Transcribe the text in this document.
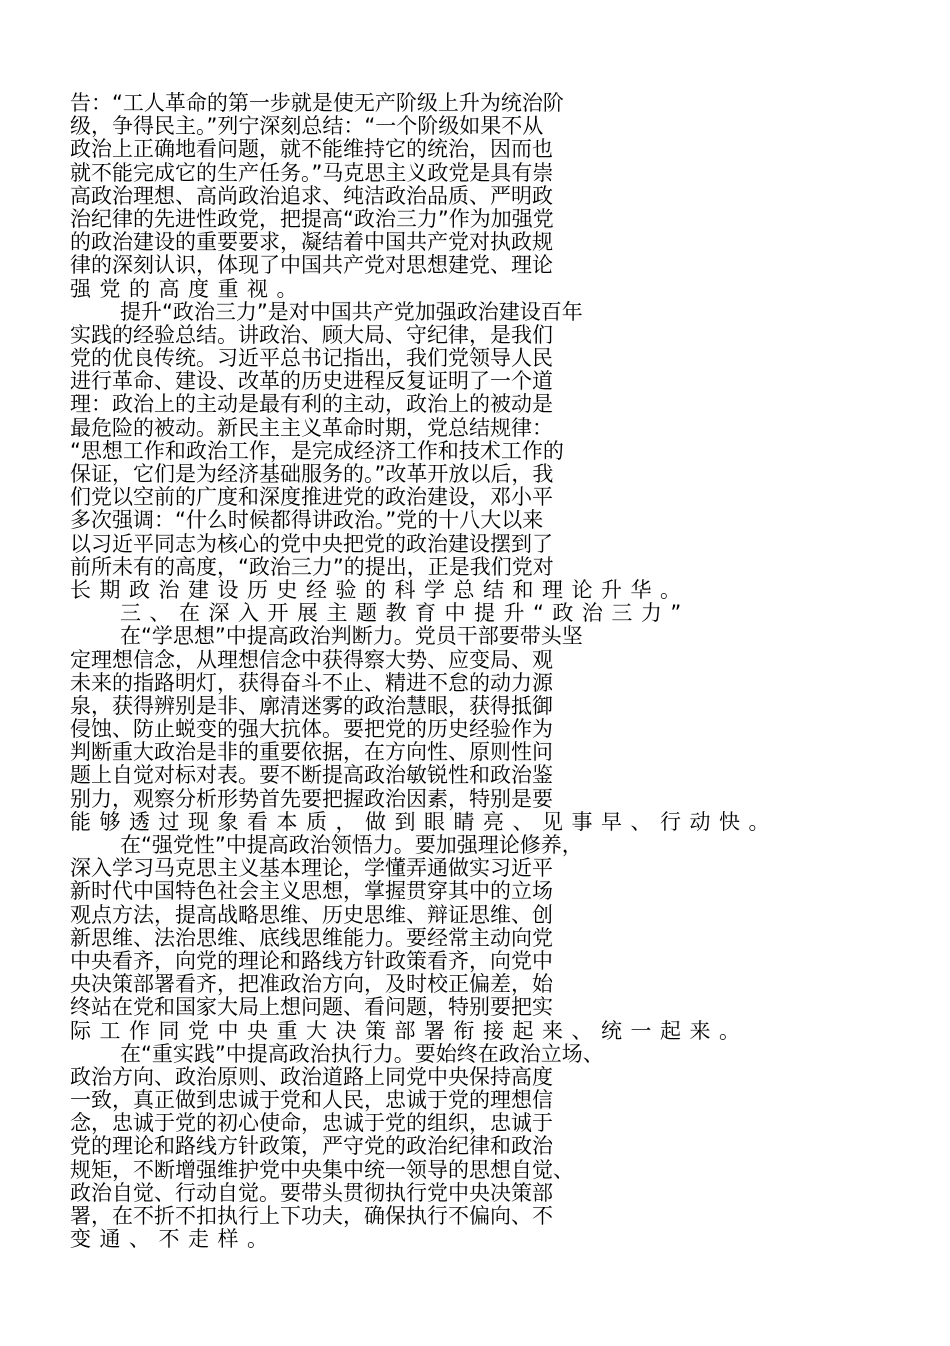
告：“工人革命的第一步就是使无产阶级上升为统治阶
级，争得民主。”列宁深刻总结：“一个阶级如果不从
政治上正确地看问题，就不能维持它的统治，因而也
就不能完成它的生产任务。”马克思主义政党是具有崇
高政治理想、高尚政治追求、纯洁政治品质、严明政
治纪律的先进性政党，把提高“政治三力”作为加强党
的政治建设的重要要求，凝结着中国共产党对执政规
律的深刻认识，体现了中国共产党对思想建党、理论
强党的高度重视。
提升“政治三力”是对中国共产党加强政治建设百年
实践的经验总结。讲政治、顾大局、守纪律，是我们
党的优良传统。习近平总书记指出，我们党领导人民
进行革命、建设、改革的历史进程反复证明了一个道
理：政治上的主动是最有利的主动，政治上的被动是
最危险的被动。新民主主义革命时期，党总结规律：
“思想工作和政治工作，是完成经济工作和技术工作的
保证，它们是为经济基础服务的。”改革开放以后，我
们党以空前的广度和深度推进党的政治建设，邓小平
多次强调：“什么时候都得讲政治。”党的十八大以来
以习近平同志为核心的党中央把党的政治建设摆到了
前所未有的高度，“政治三力”的提出，正是我们党对
长期政治建设历史经验的科学总结和理论升华。
三、在深入开展主题教育中提升“政治三力”
在“学思想”中提高政治判断力。党员干部要带头坚
定理想信念，从理想信念中获得察大势、应变局、观
未来的指路明灯，获得奋斗不止、精进不怠的动力源
泉，获得辨别是非、廓清迷雾的政治慧眼，获得抵御
侵蚀、防止蜕变的强大抗体。要把党的历史经验作为
判断重大政治是非的重要依据，在方向性、原则性问
题上自觉对标对表。要不断提高政治敏锐性和政治鉴
别力，观察分析形势首先要把握政治因素，特别是要
能够透过现象看本质，做到眼睛亮、见事早、行动快。
在“强党性”中提高政治领悟力。要加强理论修养，
深入学习马克思主义基本理论，学懂弄通做实习近平
新时代中国特色社会主义思想，掌握贯穿其中的立场
观点方法，提高战略思维、历史思维、辩证思维、创
新思维、法治思维、底线思维能力。要经常主动向党
中央看齐，向党的理论和路线方针政策看齐，向党中
央决策部署看齐，把准政治方向，及时校正偏差，始
终站在党和国家大局上想问题、看问题，特别要把实
际工作同党中央重大决策部署衔接起来、统一起来。
在“重实践”中提高政治执行力。要始终在政治立场、
政治方向、政治原则、政治道路上同党中央保持高度
一致，真正做到忠诚于党和人民，忠诚于党的理想信
念，忠诚于党的初心使命，忠诚于党的组织，忠诚于
党的理论和路线方针政策，严守党的政治纪律和政治
规矩，不断增强维护党中央集中统一领导的思想自觉、
政治自觉、行动自觉。要带头贯彻执行党中央决策部
署，在不折不扣执行上下功夫，确保执行不偏向、不
变通、不走样。
